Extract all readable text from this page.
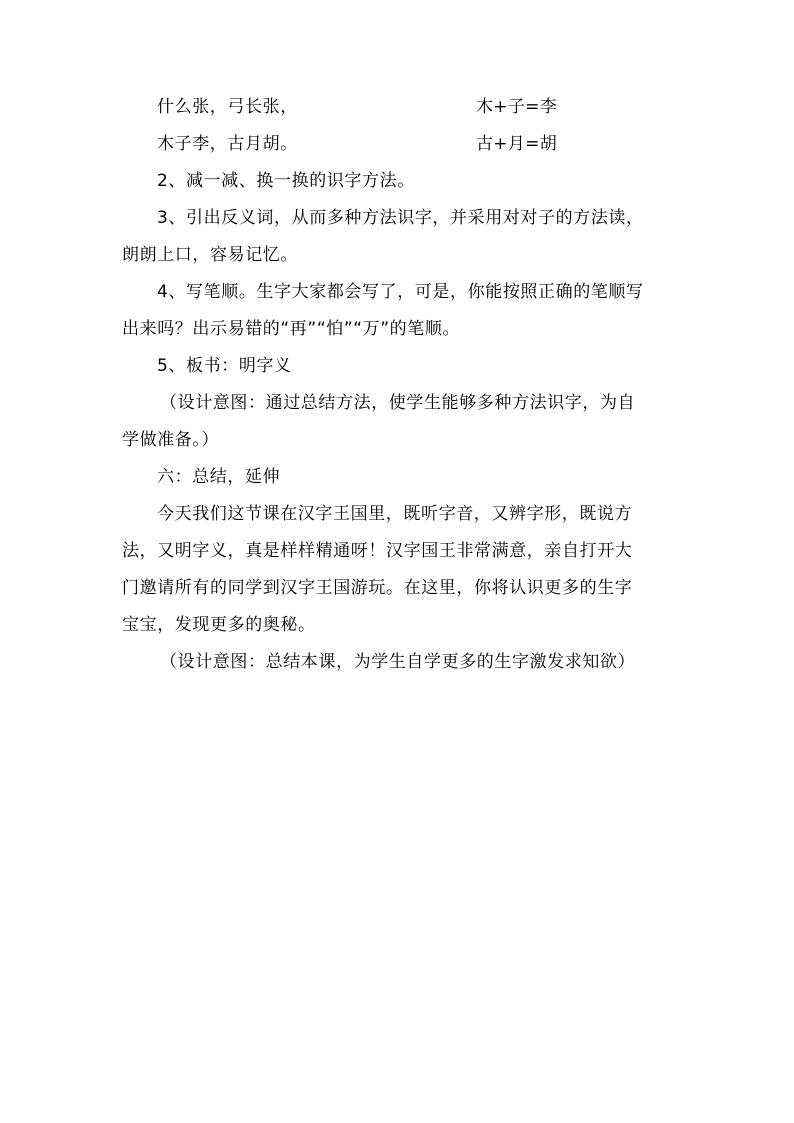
什么张，弓长张，	木+子=李
木子李，古月胡。	古+月=胡
2、减一减、换一换的识字方法。
3、引出反义词，从而多种方法识字，并采用对对子的方法读，
朗朗上口，容易记忆。
4、写笔顺。生字大家都会写了，可是，你能按照正确的笔顺写
出来吗？出示易错的“再”“怕”“万”的笔顺。
5、板书：明字义
（设计意图：通过总结方法，使学生能够多种方法识字，为自
学做准备。）
六：总结，延伸
今天我们这节课在汉字王国里，既听字音，又辨字形，既说方
法，又明字义，真是样样精通呀！汉字国王非常满意，亲自打开大
门邀请所有的同学到汉字王国游玩。在这里，你将认识更多的生字
宝宝，发现更多的奥秘。
（设计意图：总结本课，为学生自学更多的生字激发求知欲）
